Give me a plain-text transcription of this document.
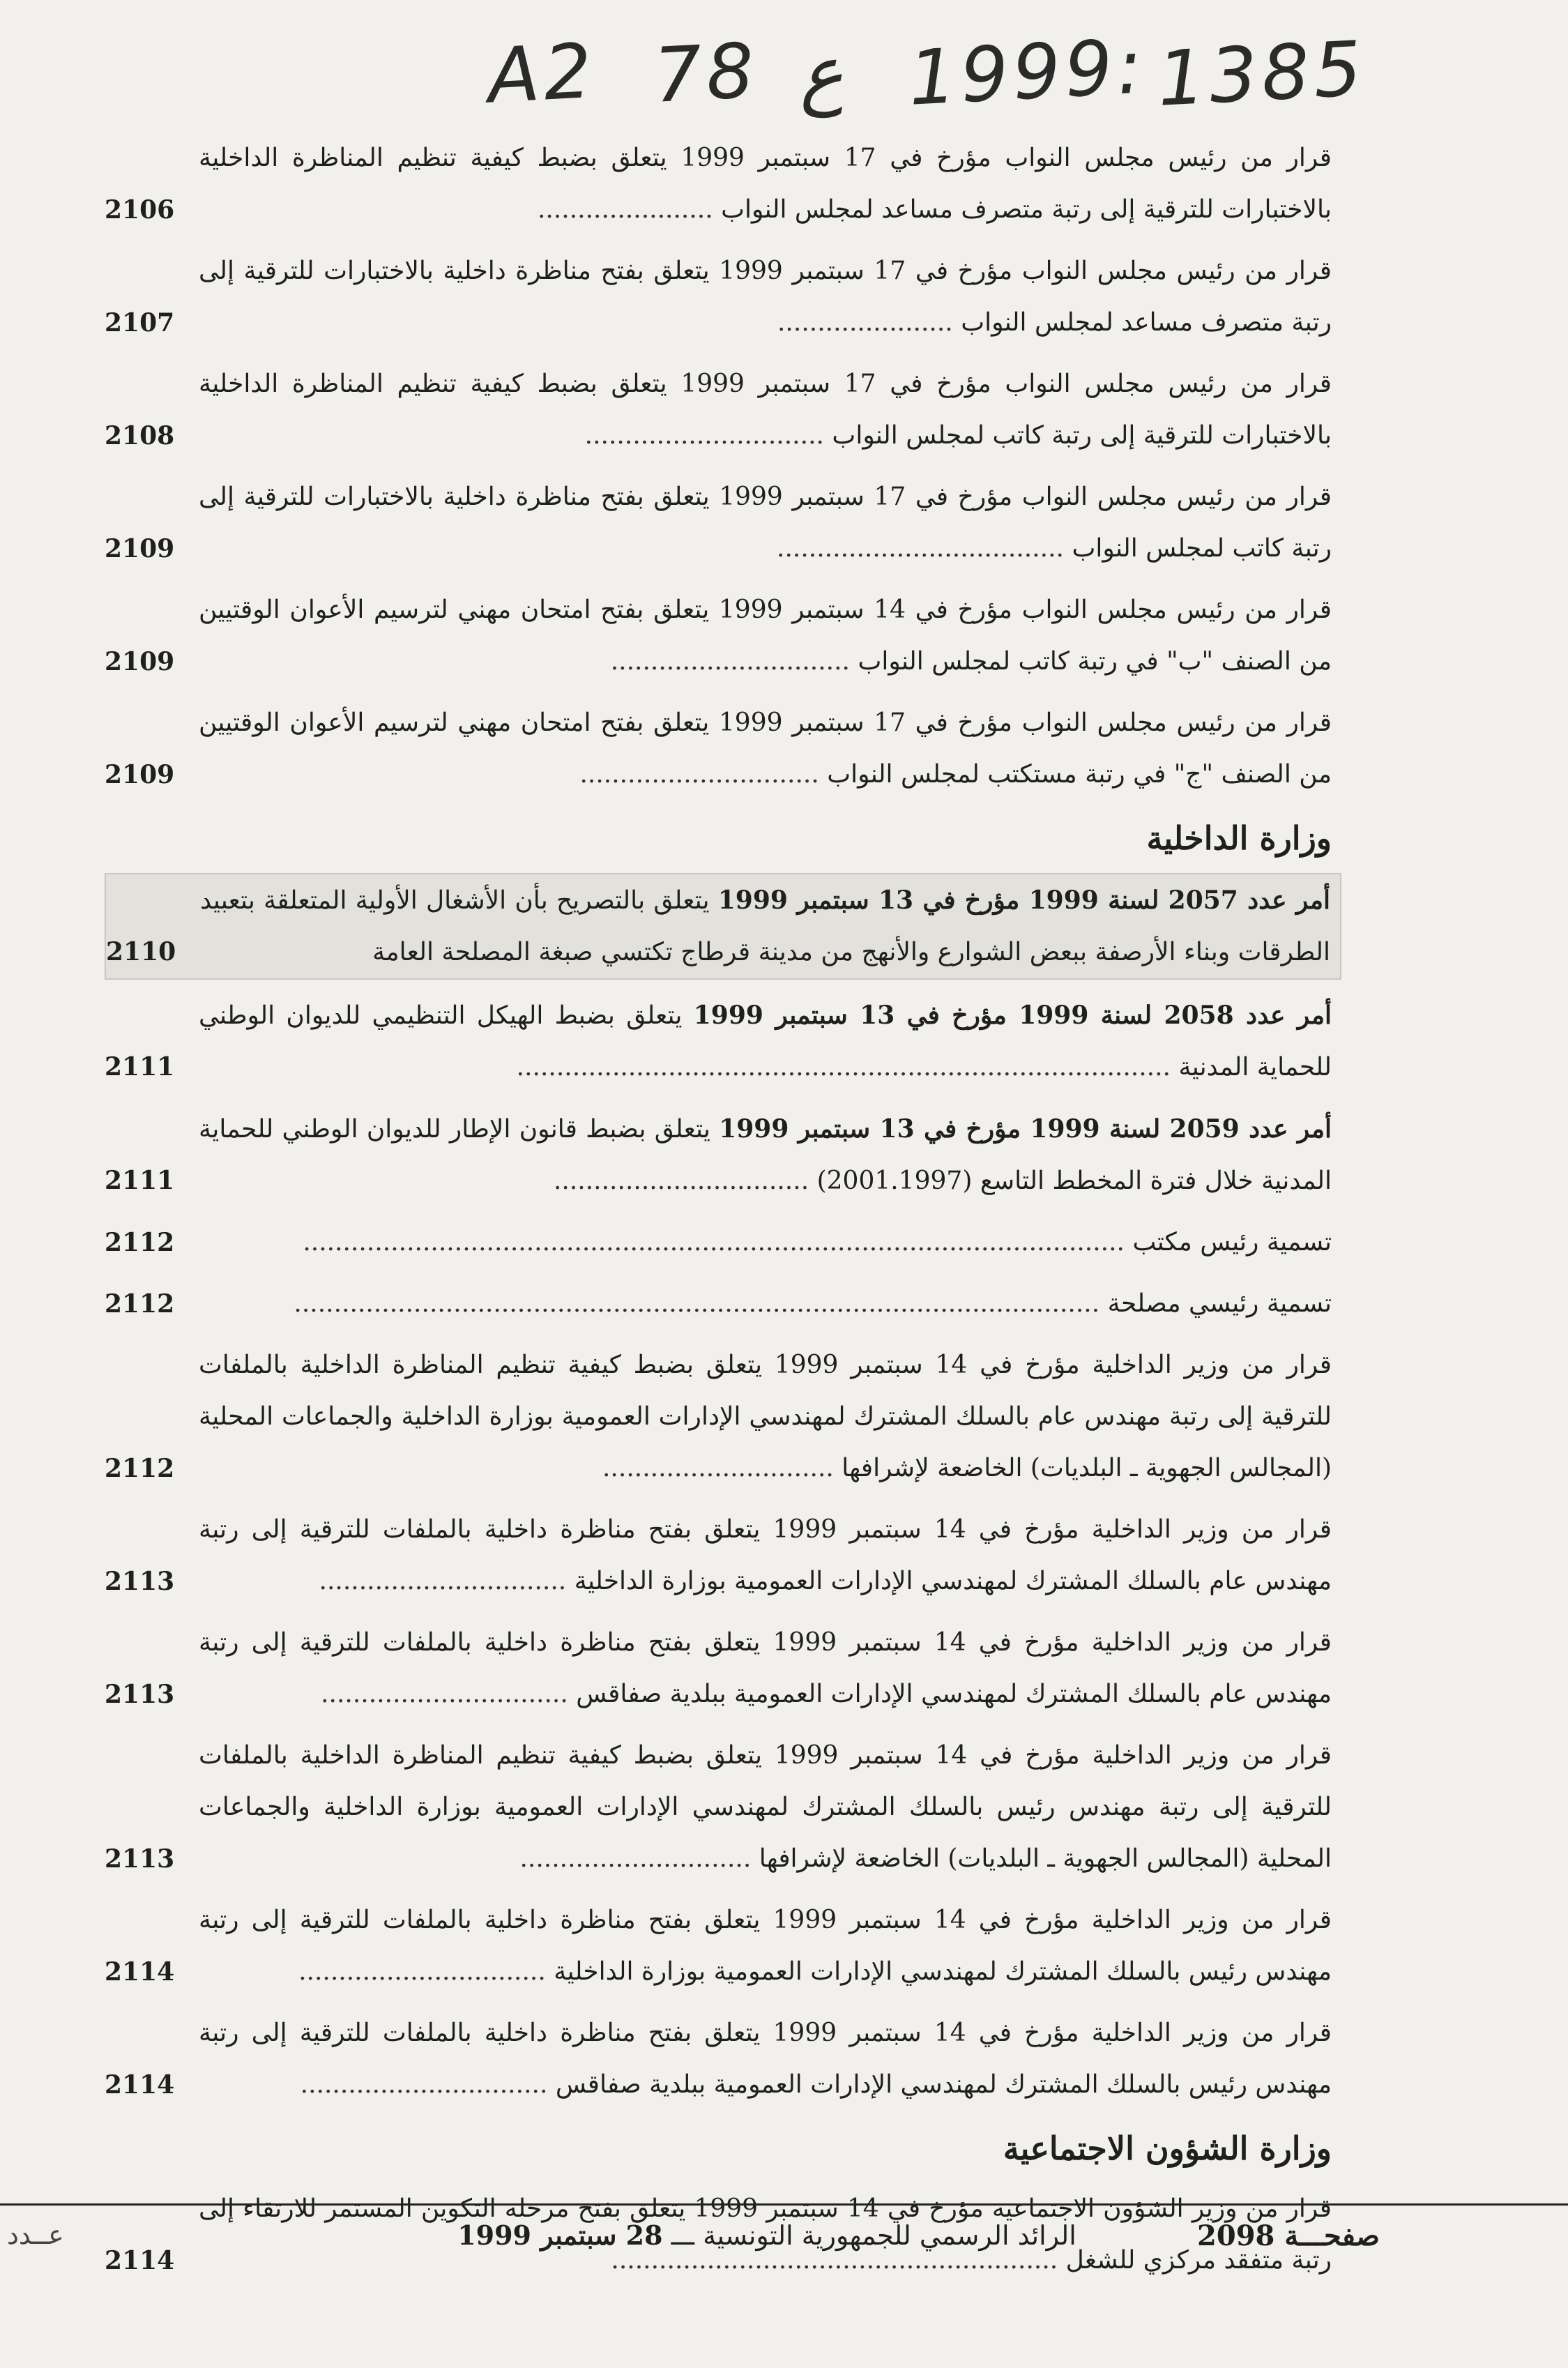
A2 78 ع 1999: 1385
قرار من رئيس مجلس النواب مؤرخ في 17 سبتمبر 1999 يتعلق بضبط كيفية تنظيم المناظرة الداخلية بالاختبارات للترقية إلى رتبة متصرف مساعد لمجلس النواب ......................
2106
قرار من رئيس مجلس النواب مؤرخ في 17 سبتمبر 1999 يتعلق بفتح مناظرة داخلية بالاختبارات للترقية إلى رتبة متصرف مساعد لمجلس النواب ......................
2107
قرار من رئيس مجلس النواب مؤرخ في 17 سبتمبر 1999 يتعلق بضبط كيفية تنظيم المناظرة الداخلية بالاختبارات للترقية إلى رتبة كاتب لمجلس النواب ..............................
2108
قرار من رئيس مجلس النواب مؤرخ في 17 سبتمبر 1999 يتعلق بفتح مناظرة داخلية بالاختبارات للترقية إلى رتبة كاتب لمجلس النواب ....................................
2109
قرار من رئيس مجلس النواب مؤرخ في 14 سبتمبر 1999 يتعلق بفتح امتحان مهني لترسيم الأعوان الوقتيين من الصنف "ب" في رتبة كاتب لمجلس النواب ..............................
2109
قرار من رئيس مجلس النواب مؤرخ في 17 سبتمبر 1999 يتعلق بفتح امتحان مهني لترسيم الأعوان الوقتيين من الصنف "ج" في رتبة مستكتب لمجلس النواب ..............................
2109
وزارة الداخلية
أمر عدد 2057 لسنة 1999 مؤرخ في 13 سبتمبر 1999 يتعلق بالتصريح بأن الأشغال الأولية المتعلقة بتعبيد الطرقات وبناء الأرصفة ببعض الشوارع والأنهج من مدينة قرطاج تكتسي صبغة المصلحة العامة
2110
أمر عدد 2058 لسنة 1999 مؤرخ في 13 سبتمبر 1999 يتعلق بضبط الهيكل التنظيمي للديوان الوطني للحماية المدنية ..................................................................................
2111
أمر عدد 2059 لسنة 1999 مؤرخ في 13 سبتمبر 1999 يتعلق بضبط قانون الإطار للديوان الوطني للحماية المدنية خلال فترة المخطط التاسع (2001.1997) ................................
2111
تسمية رئيس مكتب .......................................................................................................
2112
تسمية رئيسي مصلحة .....................................................................................................
2112
قرار من وزير الداخلية مؤرخ في 14 سبتمبر 1999 يتعلق بضبط كيفية تنظيم المناظرة الداخلية بالملفات للترقية إلى رتبة مهندس عام بالسلك المشترك لمهندسي الإدارات العمومية بوزارة الداخلية والجماعات المحلية (المجالس الجهوية ـ البلديات) الخاضعة لإشرافها .............................
2112
قرار من وزير الداخلية مؤرخ في 14 سبتمبر 1999 يتعلق بفتح مناظرة داخلية بالملفات للترقية إلى رتبة مهندس عام بالسلك المشترك لمهندسي الإدارات العمومية بوزارة الداخلية ...............................
2113
قرار من وزير الداخلية مؤرخ في 14 سبتمبر 1999 يتعلق بفتح مناظرة داخلية بالملفات للترقية إلى رتبة مهندس عام بالسلك المشترك لمهندسي الإدارات العمومية ببلدية صفاقس ...............................
2113
قرار من وزير الداخلية مؤرخ في 14 سبتمبر 1999 يتعلق بضبط كيفية تنظيم المناظرة الداخلية بالملفات للترقية إلى رتبة مهندس رئيس بالسلك المشترك لمهندسي الإدارات العمومية بوزارة الداخلية والجماعات المحلية (المجالس الجهوية ـ البلديات) الخاضعة لإشرافها .............................
2113
قرار من وزير الداخلية مؤرخ في 14 سبتمبر 1999 يتعلق بفتح مناظرة داخلية بالملفات للترقية إلى رتبة مهندس رئيس بالسلك المشترك لمهندسي الإدارات العمومية بوزارة الداخلية ...............................
2114
قرار من وزير الداخلية مؤرخ في 14 سبتمبر 1999 يتعلق بفتح مناظرة داخلية بالملفات للترقية إلى رتبة مهندس رئيس بالسلك المشترك لمهندسي الإدارات العمومية ببلدية صفاقس ...............................
2114
وزارة الشؤون الاجتماعية
قرار من وزير الشؤون الاجتماعية مؤرخ في 14 سبتمبر 1999 يتعلق بفتح مرحلة التكوين المستمر للارتقاء إلى رتبة متفقد مركزي للشغل ........................................................
2114
صفحـــة2098
الرائد الرسمي للجمهورية التونسية ـــ 28 سبتمبر 1999
عــدد
